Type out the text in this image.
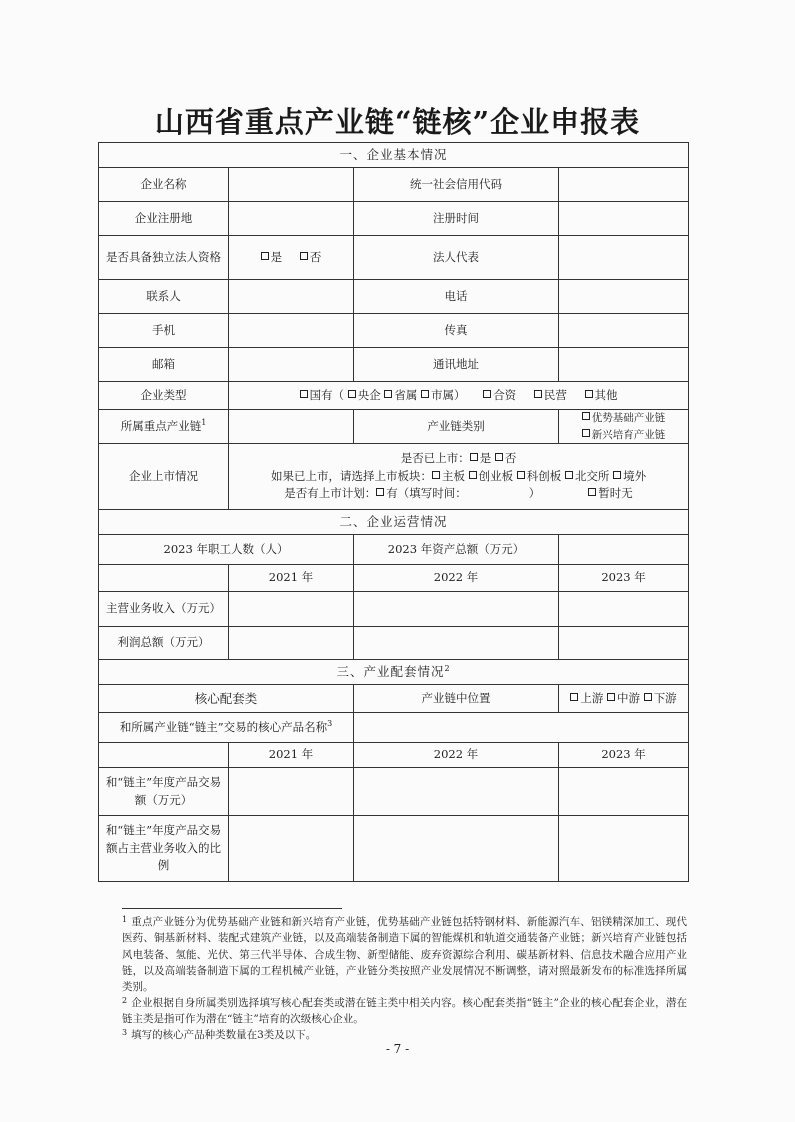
山西省重点产业链“链核”企业申报表
一、企业基本情况			
企业名称		统一社会信用代码	
企业注册地		注册时间	
是否具备独立法人资格	是 否	法人代表	
联系人		电话	
手机		传真	
邮箱		通讯地址	
企业类型	国有（ 央企 省属 市属） 合资 民营 其他		
所属重点产业链$^1$		产业链类别	优势基础产业链 新兴培育产业链
企业上市情况	是否已上市： 是 否
如果已上市，请选择上市板块： 主板 创业板 科创板 北交所 境外
是否有上市计划： 有（填写时间： ） 暂时无		

二、企业运营情况			
2023 年职工人数（人）		2023 年资产总额（万元）	
	2021 年	2022 年	2023 年
主营业务收入（万元）			
利润总额（万元）			
三、产业配套情况$^2$
核心配套类		产业链中位置	上游 中游 下游
和所属产业链“链主”交易的核心产品名称$^3$	
	2021 年	2022 年	2023 年
和“链主”年度产品交易额（万元）			
和“链主”年度产品交易额占主营业务收入的比例			
$^1$ 重点产业链分为优势基础产业链和新兴培育产业链，优势基础产业链包括特钢材料、新能源汽车、铝镁精深加工、现代医药、铜基新材料、装配式建筑产业链，以及高端装备制造下属的智能煤机和轨道交通装备产业链；新兴培育产业链包括风电装备、氢能、光伏、第三代半导体、合成生物、新型储能、废弃资源综合利用、碳基新材料、信息技术融合应用产业链，以及高端装备制造下属的工程机械产业链，产业链分类按照产业发展情况不断调整，请对照最新发布的标准选择所属类别。
$^2$ 企业根据自身所属类别选择填写核心配套类或潜在链主类中相关内容。核心配套类指“链主”企业的核心配套企业，潜在链主类是指可作为潜在“链主”培育的次级核心企业。
$^3$ 填写的核心产品种类数量在3类及以下。
- 7 -
